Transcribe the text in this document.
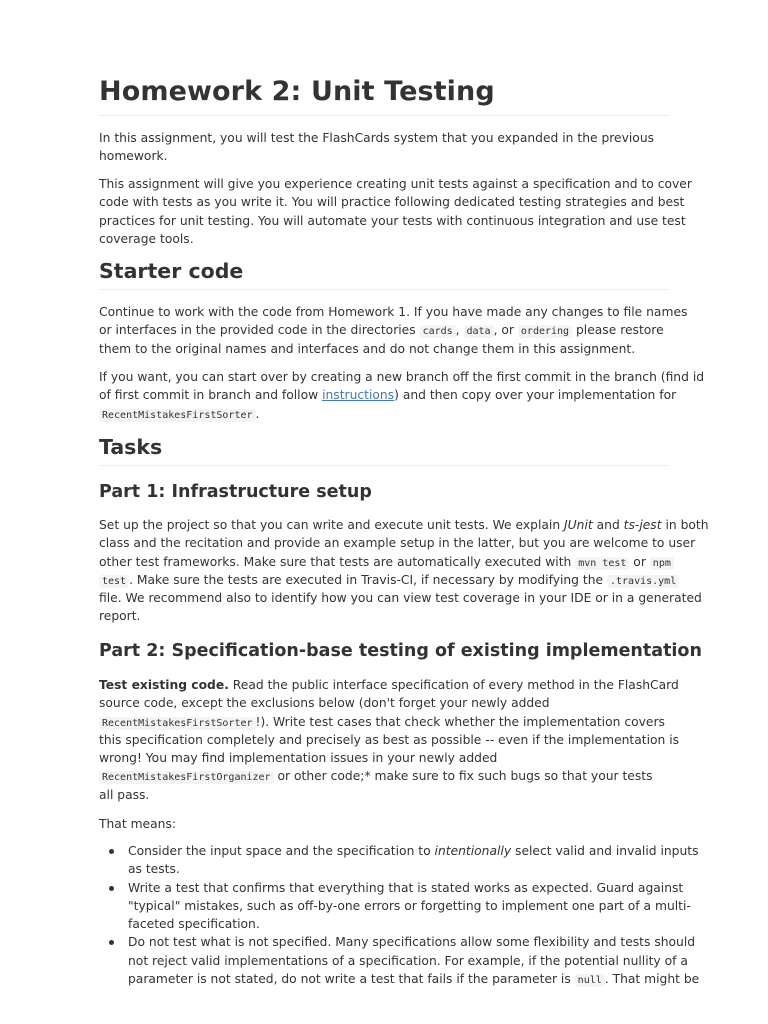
Homework 2: Unit Testing
In this assignment, you will test the FlashCards system that you expanded in the previous
homework.
This assignment will give you experience creating unit tests against a specification and to cover
code with tests as you write it. You will practice following dedicated testing strategies and best
practices for unit testing. You will automate your tests with continuous integration and use test
coverage tools.
Starter code
Continue to work with the code from Homework 1. If you have made any changes to file names
or interfaces in the provided code in the directories cards , data , or ordering please restore
them to the original names and interfaces and do not change them in this assignment.
If you want, you can start over by creating a new branch off the first commit in the branch (find id
of first commit in branch and follow instructions) and then copy over your implementation for
RecentMistakesFirstSorter .
Tasks
Part 1: Infrastructure setup
Set up the project so that you can write and execute unit tests. We explain JUnit and ts-jest in both
class and the recitation and provide an example setup in the latter, but you are welcome to user
other test frameworks. Make sure that tests are automatically executed with mvn test or npm
test . Make sure the tests are executed in Travis-CI, if necessary by modifying the .travis.yml
file. We recommend also to identify how you can view test coverage in your IDE or in a generated
report.
Part 2: Specification-base testing of existing implementation
Test existing code. Read the public interface specification of every method in the FlashCard
source code, except the exclusions below (don't forget your newly added
RecentMistakesFirstSorter !). Write test cases that check whether the implementation covers
this specification completely and precisely as best as possible -- even if the implementation is
wrong! You may find implementation issues in your newly added
RecentMistakesFirstOrganizer or other code;* make sure to fix such bugs so that your tests
all pass.
That means:
Consider the input space and the specification to intentionally select valid and invalid inputs
as tests.
Write a test that confirms that everything that is stated works as expected. Guard against
"typical" mistakes, such as off-by-one errors or forgetting to implement one part of a multi-
faceted specification.
Do not test what is not specified. Many specifications allow some flexibility and tests should
not reject valid implementations of a specification. For example, if the potential nullity of a
parameter is not stated, do not write a test that fails if the parameter is null . That might be
